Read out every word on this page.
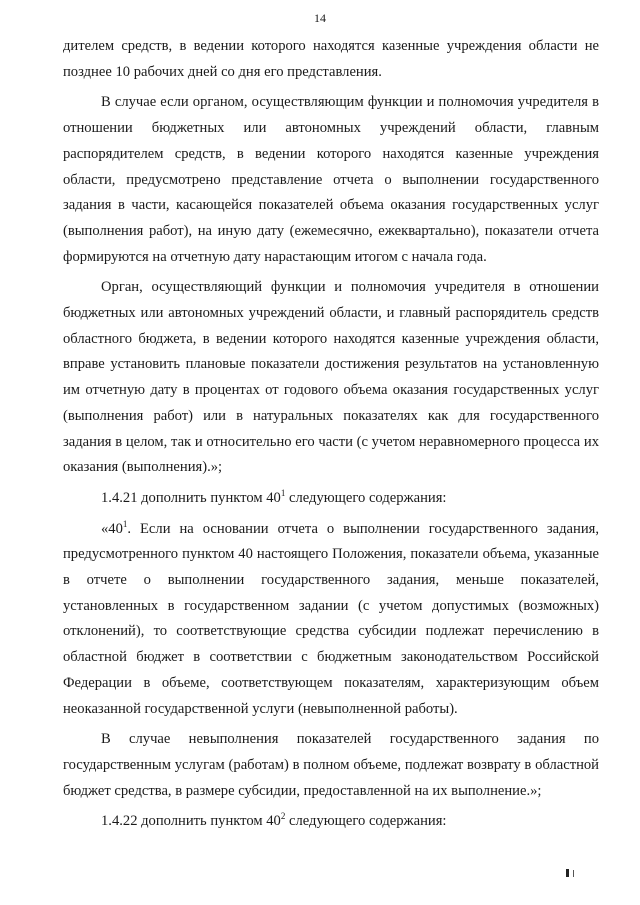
14

дителем средств, в ведении которого находятся казенные учреждения области не позднее 10 рабочих дней со дня его представления.

В случае если органом, осуществляющим функции и полномочия учредителя в отношении бюджетных или автономных учреждений области, главным распорядителем средств, в ведении которого находятся казенные учреждения области, предусмотрено представление отчета о выполнении государственного задания в части, касающейся показателей объема оказания государственных услуг (выполнения работ), на иную дату (ежемесячно, ежеквартально), показатели отчета формируются на отчетную дату нарастающим итогом с начала года.

Орган, осуществляющий функции и полномочия учредителя в отношении бюджетных или автономных учреждений области, и главный распорядитель средств областного бюджета, в ведении которого находятся казенные учреждения области, вправе установить плановые показатели достижения результатов на установленную им отчетную дату в процентах от годового объема оказания государственных услуг (выполнения работ) или в натуральных показателях как для государственного задания в целом, так и относительно его части (с учетом неравномерного процесса их оказания (выполнения).»;

1.4.21 дополнить пунктом $40^1$ следующего содержания:

«$40^1$. Если на основании отчета о выполнении государственного задания, предусмотренного пунктом 40 настоящего Положения, показатели объема, указанные в отчете о выполнении государственного задания, меньше показателей, установленных в государственном задании (с учетом допустимых (возможных) отклонений), то соответствующие средства субсидии подлежат перечислению в областной бюджет в соответствии с бюджетным законодательством Российской Федерации в объеме, соответствующем показателям, характеризующим объем неоказанной государственной услуги (невыполненной работы).

В случае невыполнения показателей государственного задания по государственным услугам (работам) в полном объеме, подлежат возврату в областной бюджет средства, в размере субсидии, предоставленной на их выполнение.»;

1.4.22 дополнить пунктом $40^2$ следующего содержания:
